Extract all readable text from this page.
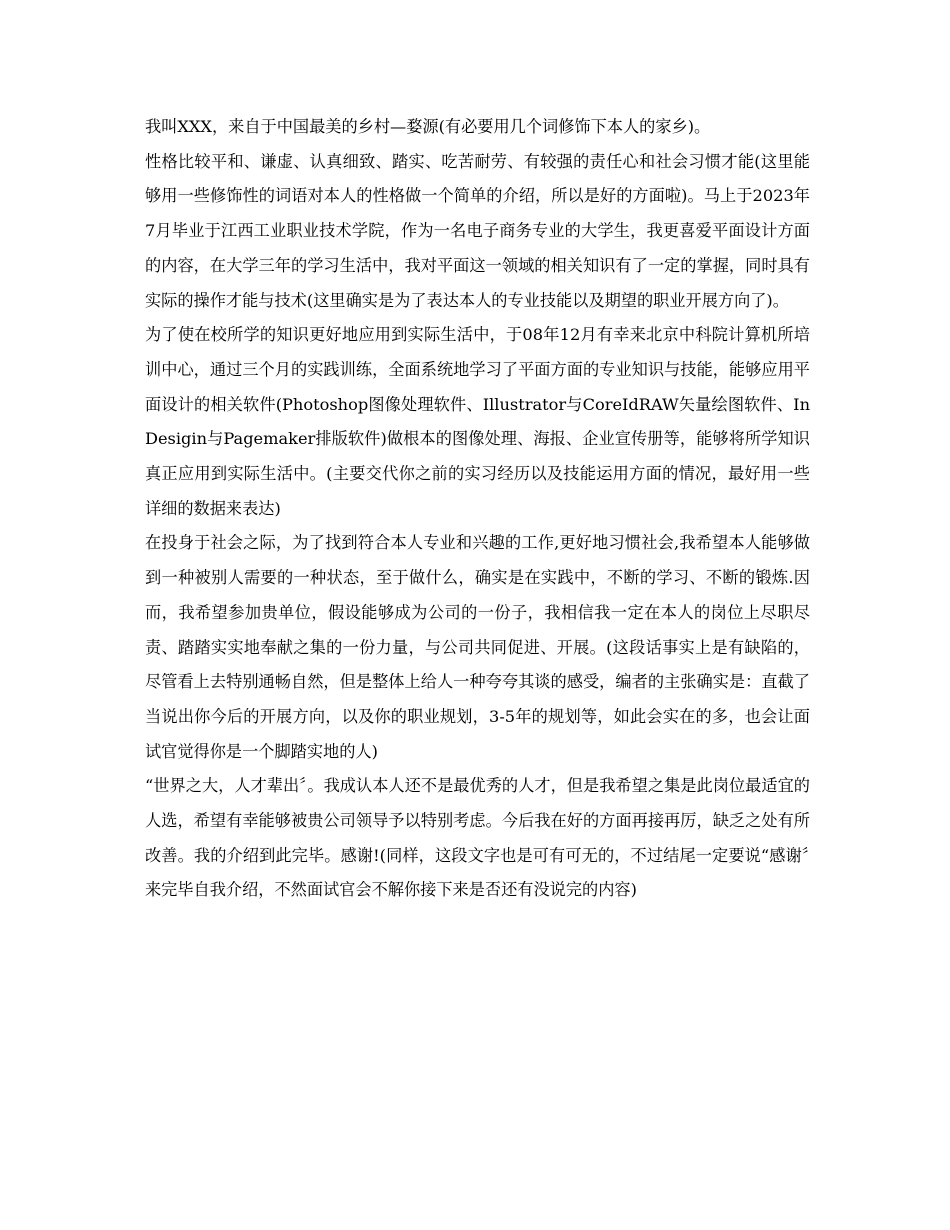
我叫XXX，来自于中国最美的乡村—婺源(有必要用几个词修饰下本人的家乡)。

性格比较平和、谦虚、认真细致、踏实、吃苦耐劳、有较强的责任心和社会习惯才能(这里能够用一些修饰性的词语对本人的性格做一个简单的介绍，所以是好的方面啦)。马上于2023年7月毕业于江西工业职业技术学院，作为一名电子商务专业的大学生，我更喜爱平面设计方面的内容，在大学三年的学习生活中，我对平面这一领域的相关知识有了一定的掌握，同时具有实际的操作才能与技术(这里确实是为了表达本人的专业技能以及期望的职业开展方向了)。

为了使在校所学的知识更好地应用到实际生活中，于08年12月有幸来北京中科院计算机所培训中心，通过三个月的实践训练，全面系统地学习了平面方面的专业知识与技能，能够应用平面设计的相关软件(Photoshop图像处理软件、Illustrator与CoreIdRAW矢量绘图软件、InDesigin与Pagemaker排版软件)做根本的图像处理、海报、企业宣传册等，能够将所学知识真正应用到实际生活中。(主要交代你之前的实习经历以及技能运用方面的情况，最好用一些详细的数据来表达)

在投身于社会之际，为了找到符合本人专业和兴趣的工作,更好地习惯社会,我希望本人能够做到一种被别人需要的一种状态，至于做什么，确实是在实践中，不断的学习、不断的锻炼.因而，我希望参加贵单位，假设能够成为公司的一份子，我相信我一定在本人的岗位上尽职尽责、踏踏实实地奉献之集的一份力量，与公司共同促进、开展。(这段话事实上是有缺陷的，尽管看上去特别通畅自然，但是整体上给人一种夸夸其谈的感受，编者的主张确实是：直截了当说出你今后的开展方向，以及你的职业规划，3-5年的规划等，如此会实在的多，也会让面试官觉得你是一个脚踏实地的人)

“世界之大，人才辈出〞。我成认本人还不是最优秀的人才，但是我希望之集是此岗位最适宜的人选，希望有幸能够被贵公司领导予以特别考虑。今后我在好的方面再接再厉，缺乏之处有所改善。我的介绍到此完毕。感谢!(同样，这段文字也是可有可无的，不过结尾一定要说“感谢〞来完毕自我介绍，不然面试官会不解你接下来是否还有没说完的内容)
